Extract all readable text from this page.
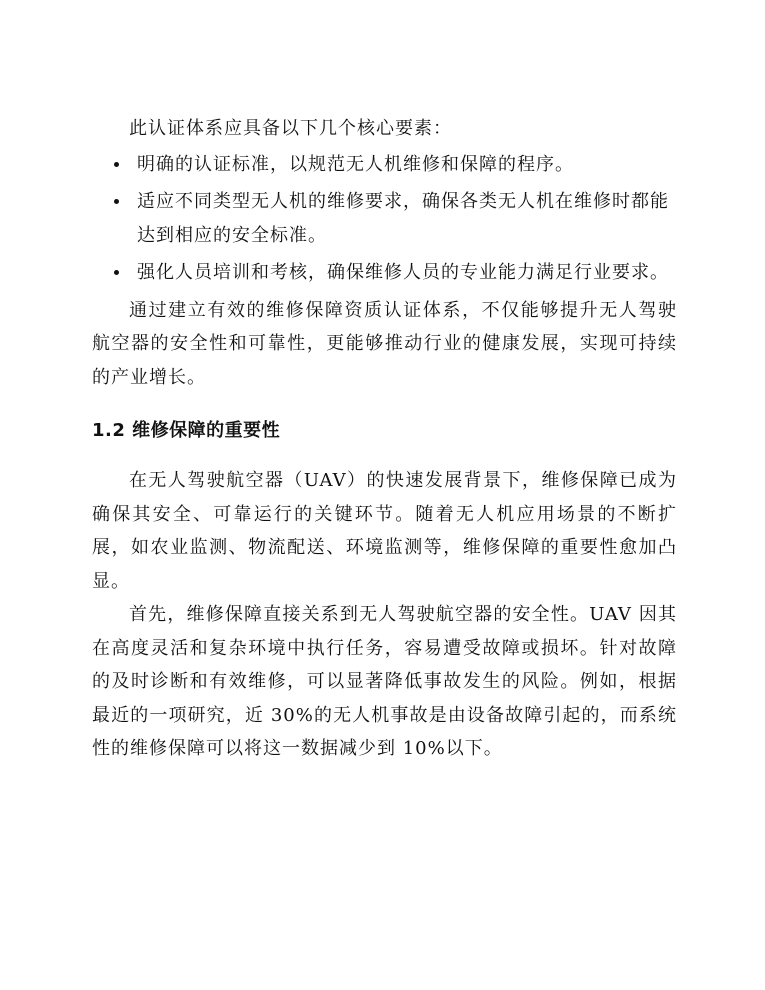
此认证体系应具备以下几个核心要素：

明确的认证标准，以规范无人机维修和保障的程序。
适应不同类型无人机的维修要求，确保各类无人机在维修时都能达到相应的安全标准。
强化人员培训和考核，确保维修人员的专业能力满足行业要求。

通过建立有效的维修保障资质认证体系，不仅能够提升无人驾驶航空器的安全性和可靠性，更能够推动行业的健康发展，实现可持续的产业增长。

1.2 维修保障的重要性

在无人驾驶航空器（UAV）的快速发展背景下，维修保障已成为确保其安全、可靠运行的关键环节。随着无人机应用场景的不断扩展，如农业监测、物流配送、环境监测等，维修保障的重要性愈加凸显。

首先，维修保障直接关系到无人驾驶航空器的安全性。UAV 因其在高度灵活和复杂环境中执行任务，容易遭受故障或损坏。针对故障的及时诊断和有效维修，可以显著降低事故发生的风险。例如，根据最近的一项研究，近 30%的无人机事故是由设备故障引起的，而系统性的维修保障可以将这一数据减少到 10%以下。
